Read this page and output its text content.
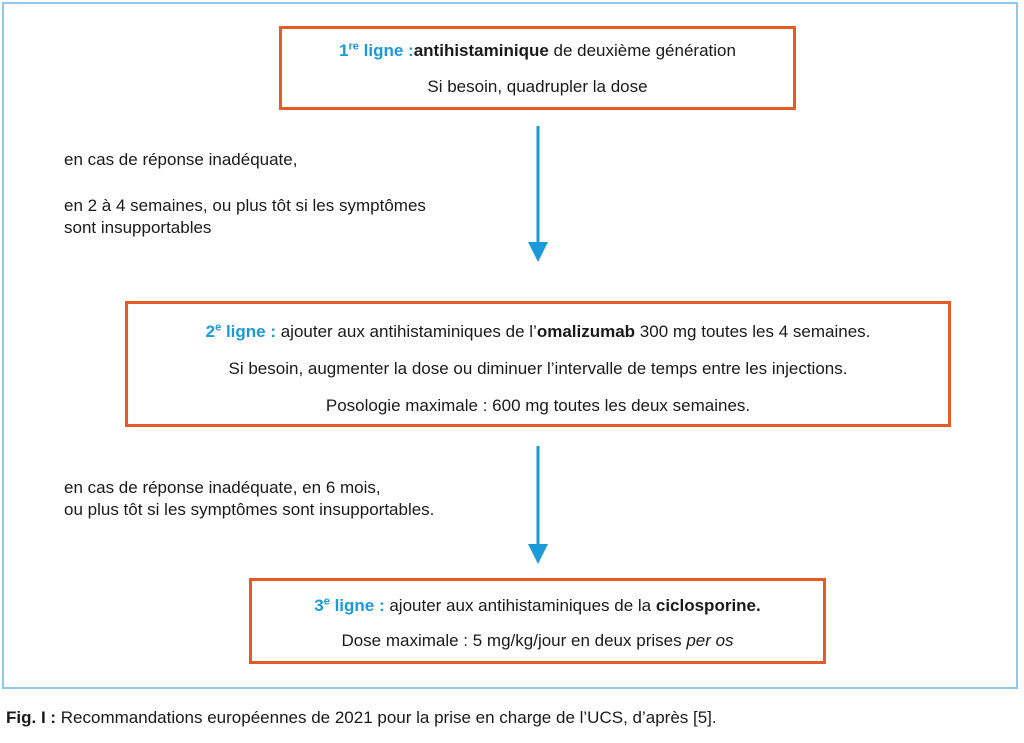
1re ligne :antihistaminique de deuxième génération
Si besoin, quadrupler la dose
en cas de réponse inadéquate,
en 2 à 4 semaines, ou plus tôt si les symptômes
sont insupportables
2e ligne : ajouter aux antihistaminiques de l’omalizumab 300 mg toutes les 4 semaines.
Si besoin, augmenter la dose ou diminuer l’intervalle de temps entre les injections.
Posologie maximale : 600 mg toutes les deux semaines.
en cas de réponse inadéquate, en 6 mois,
ou plus tôt si les symptômes sont insupportables.
3e ligne : ajouter aux antihistaminiques de la ciclosporine.
Dose maximale : 5 mg/kg/jour en deux prises per os
Fig. I : Recommandations européennes de 2021 pour la prise en charge de l’UCS, d’après [5].
